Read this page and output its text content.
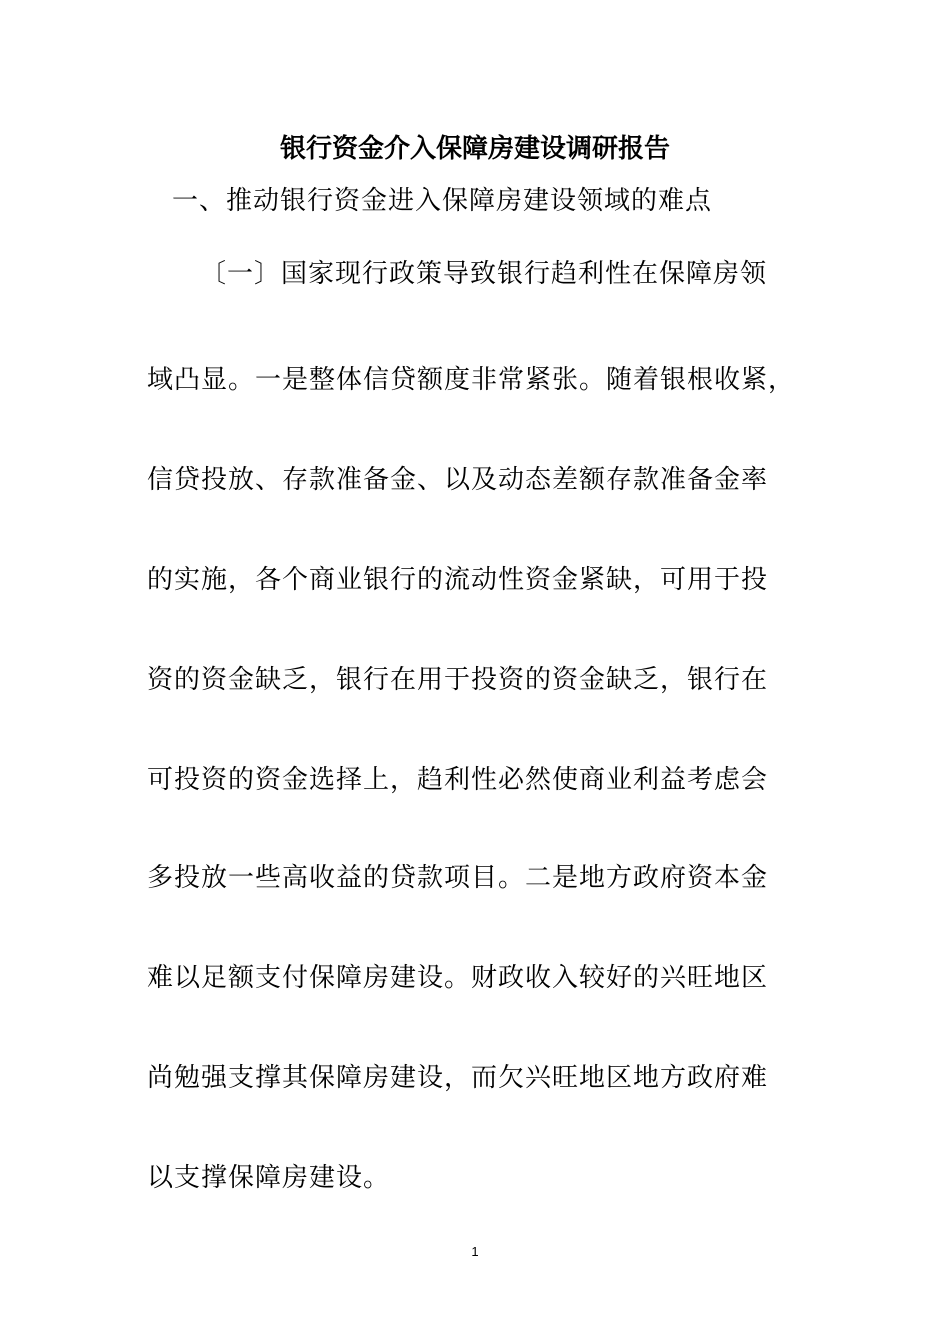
银行资金介入保障房建设调研报告
一、推动银行资金进入保障房建设领域的难点
〔一〕国家现行政策导致银行趋利性在保障房领
域凸显。一是整体信贷额度非常紧张。随着银根收紧，
信贷投放、存款准备金、以及动态差额存款准备金率
的实施，各个商业银行的流动性资金紧缺，可用于投
资的资金缺乏，银行在用于投资的资金缺乏，银行在
可投资的资金选择上，趋利性必然使商业利益考虑会
多投放一些高收益的贷款项目。二是地方政府资本金
难以足额支付保障房建设。财政收入较好的兴旺地区
尚勉强支撑其保障房建设，而欠兴旺地区地方政府难
以支撑保障房建设。
1
